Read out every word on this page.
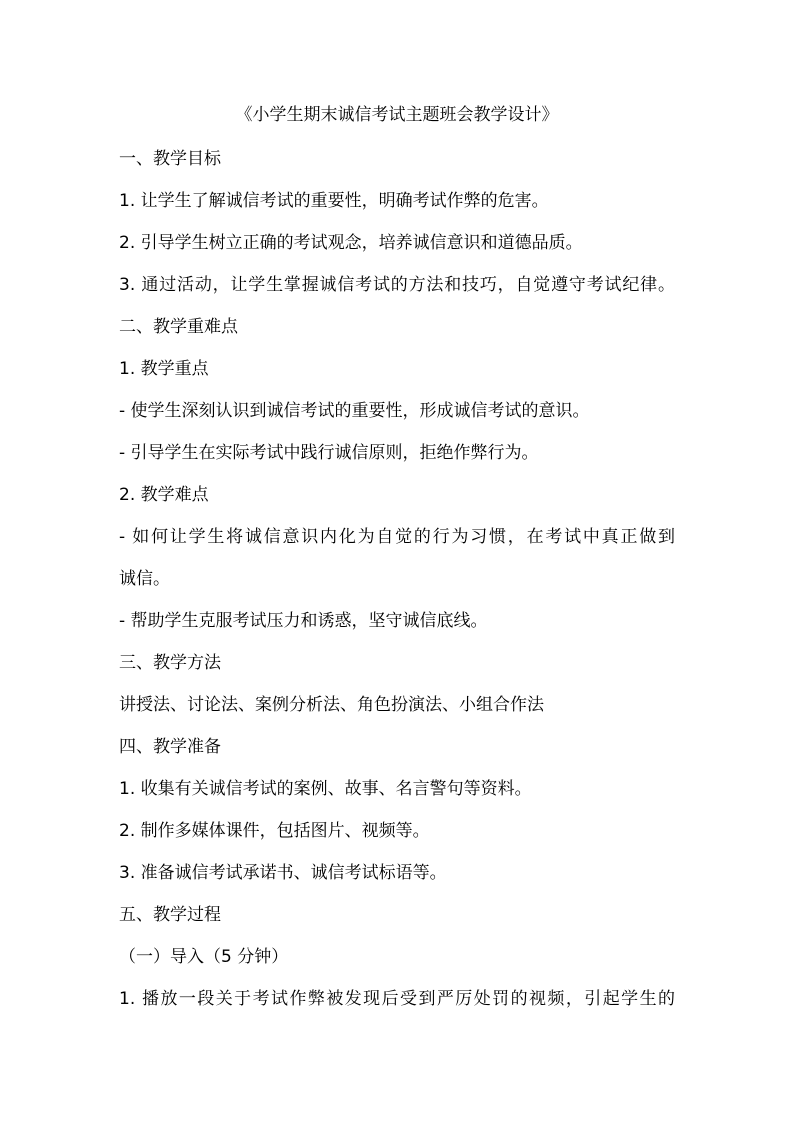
《小学生期末诚信考试主题班会教学设计》
一、教学目标
1. 让学生了解诚信考试的重要性，明确考试作弊的危害。
2. 引导学生树立正确的考试观念，培养诚信意识和道德品质。
3. 通过活动，让学生掌握诚信考试的方法和技巧，自觉遵守考试纪律。
二、教学重难点
1. 教学重点
- 使学生深刻认识到诚信考试的重要性，形成诚信考试的意识。
- 引导学生在实际考试中践行诚信原则，拒绝作弊行为。
2. 教学难点
- 如何让学生将诚信意识内化为自觉的行为习惯，在考试中真正做到
诚信。
- 帮助学生克服考试压力和诱惑，坚守诚信底线。
三、教学方法
讲授法、讨论法、案例分析法、角色扮演法、小组合作法
四、教学准备
1. 收集有关诚信考试的案例、故事、名言警句等资料。
2. 制作多媒体课件，包括图片、视频等。
3. 准备诚信考试承诺书、诚信考试标语等。
五、教学过程
（一）导入（5 分钟）
1. 播放一段关于考试作弊被发现后受到严厉处罚的视频，引起学生的
